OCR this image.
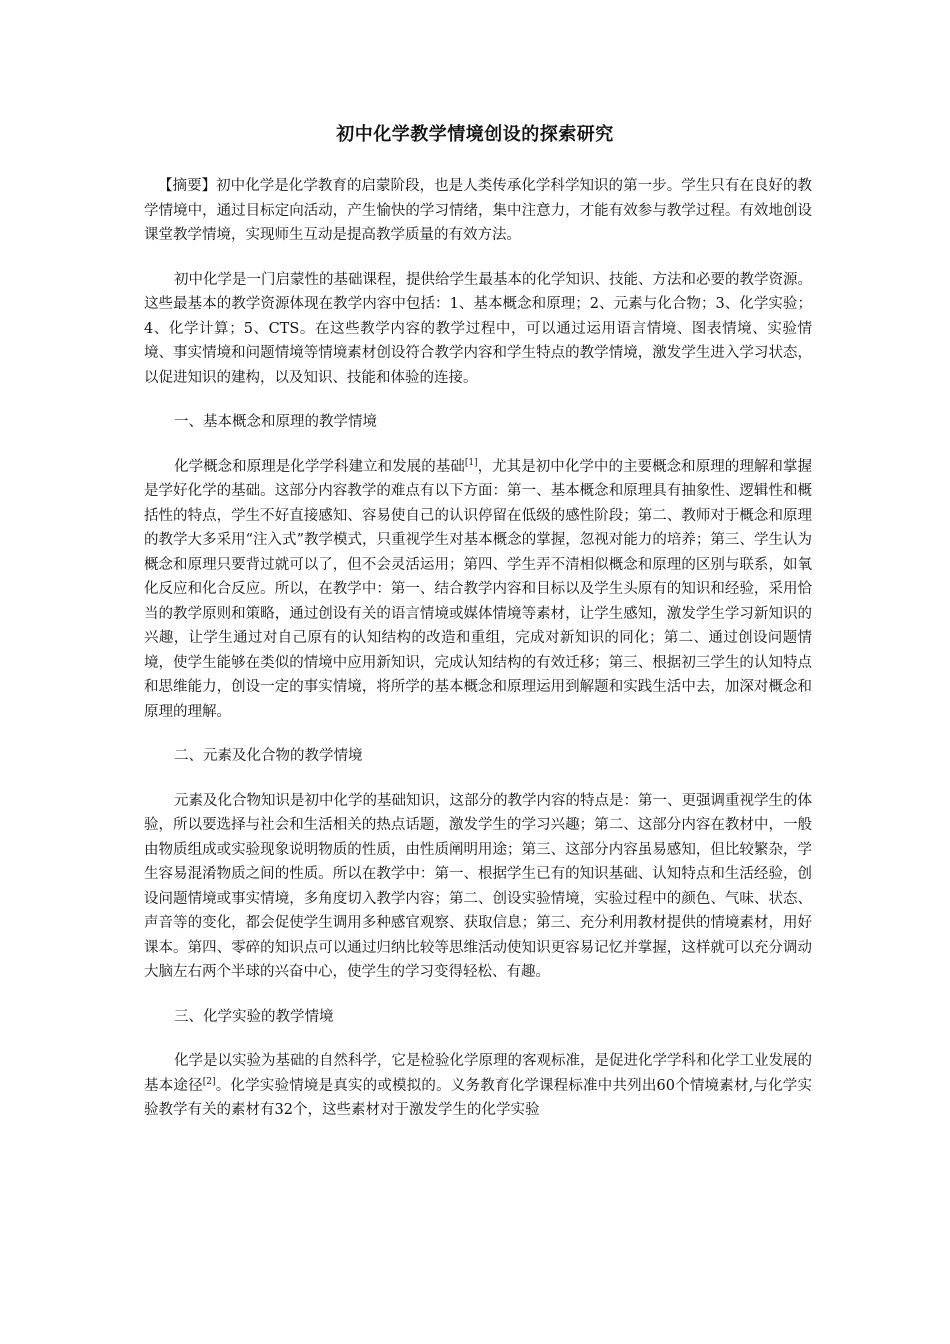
初中化学教学情境创设的探索研究

【摘要】初中化学是化学教育的启蒙阶段，也是人类传承化学科学知识的第一步。学生只有在良好的教学情境中，通过目标定向活动，产生愉快的学习情绪，集中注意力，才能有效参与教学过程。有效地创设课堂教学情境，实现师生互动是提高教学质量的有效方法。

初中化学是一门启蒙性的基础课程，提供给学生最基本的化学知识、技能、方法和必要的教学资源。这些最基本的教学资源体现在教学内容中包括：1、基本概念和原理；2、元素与化合物；3、化学实验；4、化学计算；5、CTS。在这些教学内容的教学过程中，可以通过运用语言情境、图表情境、实验情境、事实情境和问题情境等情境素材创设符合教学内容和学生特点的教学情境，激发学生进入学习状态，以促进知识的建构，以及知识、技能和体验的连接。

一、基本概念和原理的教学情境

化学概念和原理是化学学科建立和发展的基础[1]，尤其是初中化学中的主要概念和原理的理解和掌握是学好化学的基础。这部分内容教学的难点有以下方面：第一、基本概念和原理具有抽象性、逻辑性和概括性的特点，学生不好直接感知、容易使自己的认识停留在低级的感性阶段；第二、教师对于概念和原理的教学大多采用“注入式”教学模式，只重视学生对基本概念的掌握，忽视对能力的培养；第三、学生认为概念和原理只要背过就可以了，但不会灵活运用；第四、学生弄不清相似概念和原理的区别与联系，如氧化反应和化合反应。所以，在教学中：第一、结合教学内容和目标以及学生头原有的知识和经验，采用恰当的教学原则和策略，通过创设有关的语言情境或媒体情境等素材，让学生感知，激发学生学习新知识的兴趣，让学生通过对自己原有的认知结构的改造和重组，完成对新知识的同化；第二、通过创设问题情境，使学生能够在类似的情境中应用新知识，完成认知结构的有效迁移；第三、根据初三学生的认知特点和思维能力，创设一定的事实情境，将所学的基本概念和原理运用到解题和实践生活中去，加深对概念和原理的理解。

二、元素及化合物的教学情境

元素及化合物知识是初中化学的基础知识，这部分的教学内容的特点是：第一、更强调重视学生的体验，所以要选择与社会和生活相关的热点话题，激发学生的学习兴趣；第二、这部分内容在教材中，一般由物质组成或实验现象说明物质的性质，由性质阐明用途；第三、这部分内容虽易感知，但比较繁杂，学生容易混淆物质之间的性质。所以在教学中：第一、根据学生已有的知识基础、认知特点和生活经验，创设问题情境或事实情境，多角度切入教学内容；第二、创设实验情境，实验过程中的颜色、气味、状态、声音等的变化，都会促使学生调用多种感官观察、获取信息；第三、充分利用教材提供的情境素材，用好课本。第四、零碎的知识点可以通过归纳比较等思维活动使知识更容易记忆并掌握，这样就可以充分调动大脑左右两个半球的兴奋中心，使学生的学习变得轻松、有趣。

三、化学实验的教学情境

化学是以实验为基础的自然科学，它是检验化学原理的客观标准，是促进化学学科和化学工业发展的基本途径[2]。化学实验情境是真实的或模拟的。义务教育化学课程标准中共列出60个情境素材,与化学实验教学有关的素材有32个，这些素材对于激发学生的化学实验
